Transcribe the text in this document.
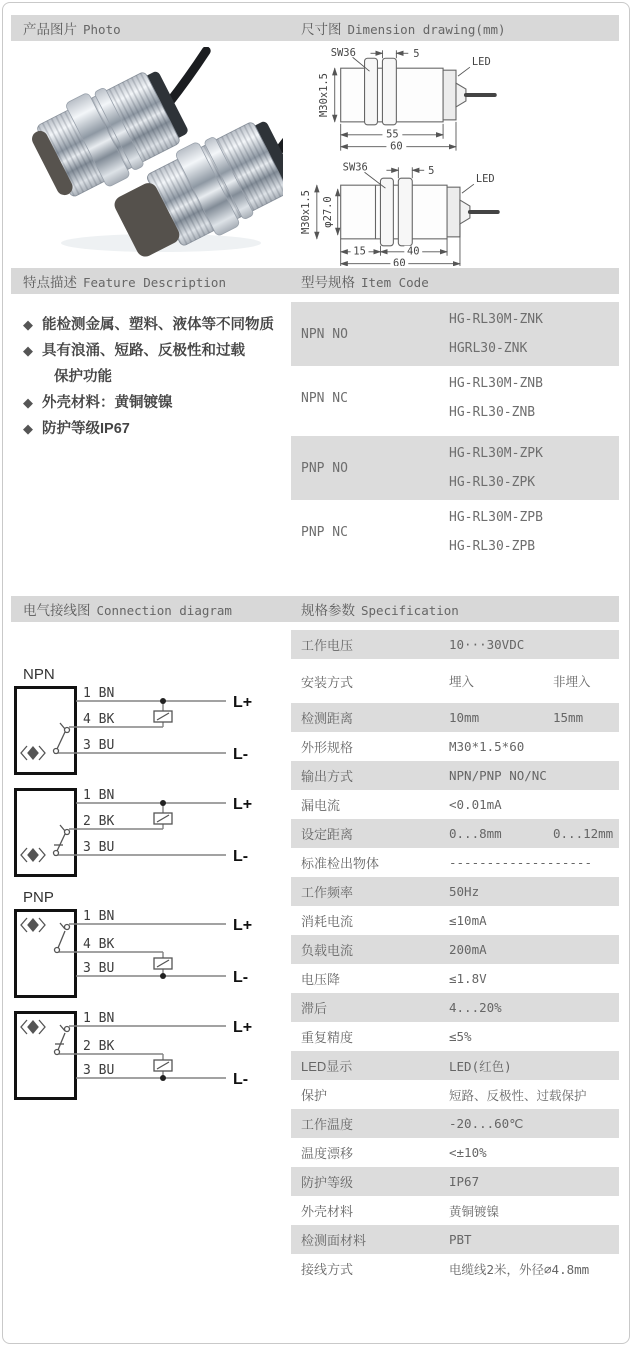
产品图片 Photo	尺寸图 Dimension drawing(mm)
SW36	5
LED
M30x1.5
55
60

SW36	5
LED
M30x1.5 φ27.0
15	40
60
特点描述 Feature Description	型号规格 Item Code
◆ 能检测金属、塑料、液体等不同物质
◆ 具有浪涌、短路、反极性和过载
保护功能
◆ 外壳材料：黄铜镀镍
◆ 防护等级IP67
NPN NO
HG-RL30M-ZNK
HGRL30-ZNK
NPN NC
HG-RL30M-ZNB
HG-RL30-ZNB
PNP NO
HG-RL30M-ZPK
HG-RL30-ZPK
PNP NC
HG-RL30M-ZPB
HG-RL30-ZPB
电气接线图 Connection diagram	规格参数 Specification
NPN
1 BN
4 BK
3 BU
L+
L-
1 BN
2 BK
3 BU
L+
L-
PNP
1 BN
4 BK
3 BU
L+
L-
1 BN
2 BK
3 BU
L+
L-
工作电压	10···30VDC
安装方式	埋入	非埋入
检测距离	10mm	15mm
外形规格	M30*1.5*60
输出方式	NPN/PNP NO/NC
漏电流	<0.01mA
设定距离	0...8mm	0...12mm
标准检出物体	-------------------
工作频率	50Hz
消耗电流	≤10mA
负载电流	200mA
电压降	≤1.8V
滞后	4...20%
重复精度	≤5%
LED显示	LED(红色)
保护	短路、反极性、过载保护
工作温度	-20...60℃
温度漂移	<±10%
防护等级	IP67
外壳材料	黄铜镀镍
检测面材料	PBT
接线方式	电缆线2米，外径∅4.8mm
